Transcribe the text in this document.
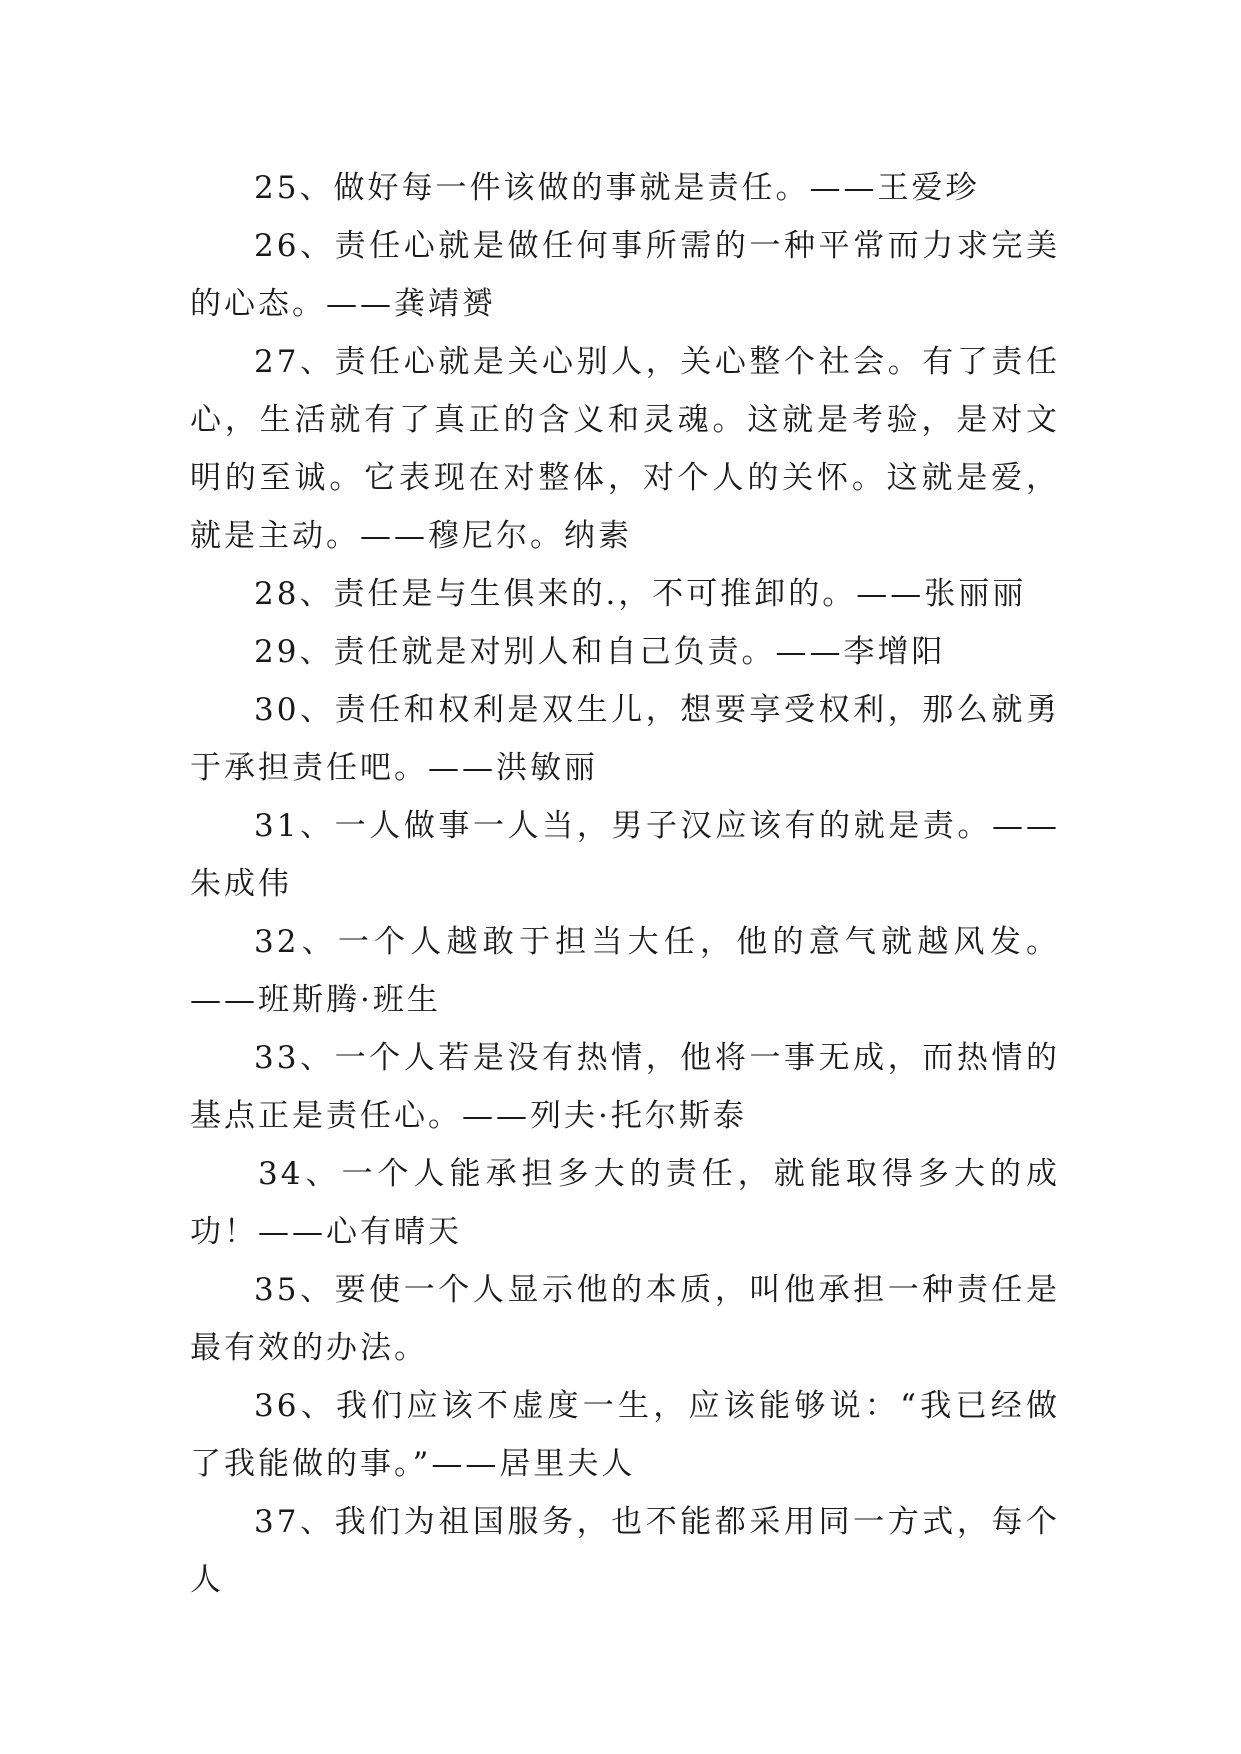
25、做好每一件该做的事就是责任。——王爱珍

26、责任心就是做任何事所需的一种平常而力求完美的心态。——龚靖赟

27、责任心就是关心别人，关心整个社会。有了责任心，生活就有了真正的含义和灵魂。这就是考验，是对文明的至诚。它表现在对整体，对个人的关怀。这就是爱，就是主动。——穆尼尔。纳素

28、责任是与生俱来的.，不可推卸的。——张丽丽

29、责任就是对别人和自己负责。——李增阳

30、责任和权利是双生儿，想要享受权利，那么就勇于承担责任吧。——洪敏丽

31、一人做事一人当，男子汉应该有的就是责。——朱成伟

32、一个人越敢于担当大任，他的意气就越风发。——班斯腾·班生

33、一个人若是没有热情，他将一事无成，而热情的基点正是责任心。——列夫·托尔斯泰

34、一个人能承担多大的责任，就能取得多大的成功！——心有晴天

35、要使一个人显示他的本质，叫他承担一种责任是最有效的办法。

36、我们应该不虚度一生，应该能够说：“我已经做了我能做的事。”——居里夫人

37、我们为祖国服务，也不能都采用同一方式，每个人
